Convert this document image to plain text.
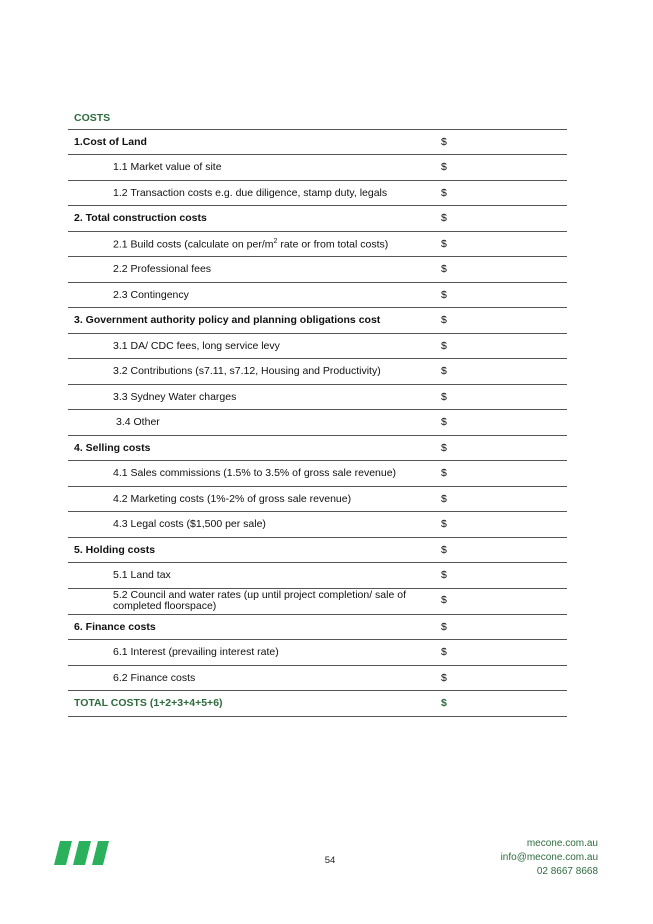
COSTS	
1.Cost of Land	$
1.1 Market value of site	$
1.2 Transaction costs e.g. due diligence, stamp duty, legals	$
2. Total construction costs	$
2.1 Build costs (calculate on per/$m^2$ rate or from total costs)	$
2.2 Professional fees	$
2.3 Contingency	$
3. Government authority policy and planning obligations cost	$
3.1 DA/ CDC fees, long service levy	$
3.2 Contributions (s7.11, s7.12, Housing and Productivity)	$
3.3 Sydney Water charges	$
3.4 Other	$
4. Selling costs	$
4.1 Sales commissions (1.5% to 3.5% of gross sale revenue)	$
4.2 Marketing costs (1%-2% of gross sale revenue)	$
4.3 Legal costs ($1,500 per sale)	$
5. Holding costs	$
5.1 Land tax	$
5.2 Council and water rates (up until project completion/ sale of completed floorspace)	$
6. Finance costs	$
6.1 Interest (prevailing interest rate)	$
6.2 Finance costs	$
TOTAL COSTS (1+2+3+4+5+6)	$
54
mecone.com.au
info@mecone.com.au
02 8667 8668
